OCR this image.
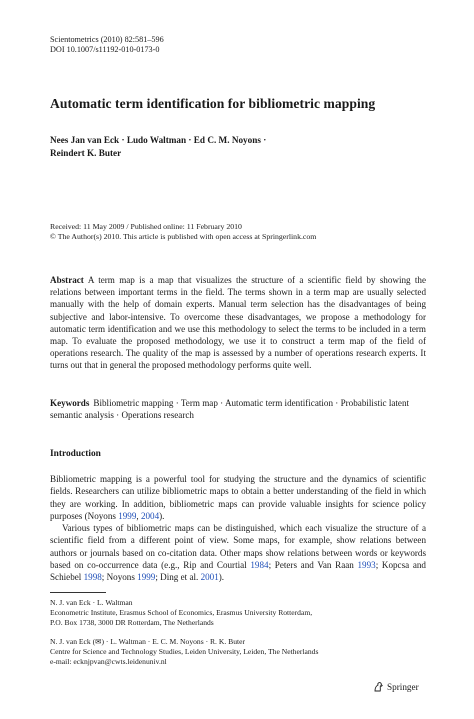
Scientometrics (2010) 82:581–596
DOI 10.1007/s11192-010-0173-0
Automatic term identification for bibliometric mapping
Nees Jan van Eck · Ludo Waltman · Ed C. M. Noyons ·
Reindert K. Buter
Received: 11 May 2009 / Published online: 11 February 2010
© The Author(s) 2010. This article is published with open access at Springerlink.com
Abstract A term map is a map that visualizes the structure of a scientific field by showing the relations between important terms in the field. The terms shown in a term map are usually selected manually with the help of domain experts. Manual term selection has the disadvantages of being subjective and labor-intensive. To overcome these disadvantages, we propose a methodology for automatic term identification and we use this methodology to select the terms to be included in a term map. To evaluate the proposed methodology, we use it to construct a term map of the field of operations research. The quality of the map is assessed by a number of operations research experts. It turns out that in general the proposed methodology performs quite well.
Keywords Bibliometric mapping · Term map · Automatic term identification · Probabilistic latent semantic analysis · Operations research
Introduction

Bibliometric mapping is a powerful tool for studying the structure and the dynamics of scientific fields. Researchers can utilize bibliometric maps to obtain a better understanding of the field in which they are working. In addition, bibliometric maps can provide valuable insights for science policy purposes (Noyons 1999, 2004).

Various types of bibliometric maps can be distinguished, which each visualize the structure of a scientific field from a different point of view. Some maps, for example, show relations between authors or journals based on co-citation data. Other maps show relations between words or keywords based on co-occurrence data (e.g., Rip and Courtial 1984; Peters and Van Raan 1993; Kopcsa and Schiebel 1998; Noyons 1999; Ding et al. 2001).

N. J. van Eck · L. Waltman
Econometric Institute, Erasmus School of Economics, Erasmus University Rotterdam,
P.O. Box 1738, 3000 DR Rotterdam, The Netherlands
N. J. van Eck (✉) · L. Waltman · E. C. M. Noyons · R. K. Buter
Centre for Science and Technology Studies, Leiden University, Leiden, The Netherlands
e-mail: ecknjpvan@cwts.leidenuniv.nl
Springer
